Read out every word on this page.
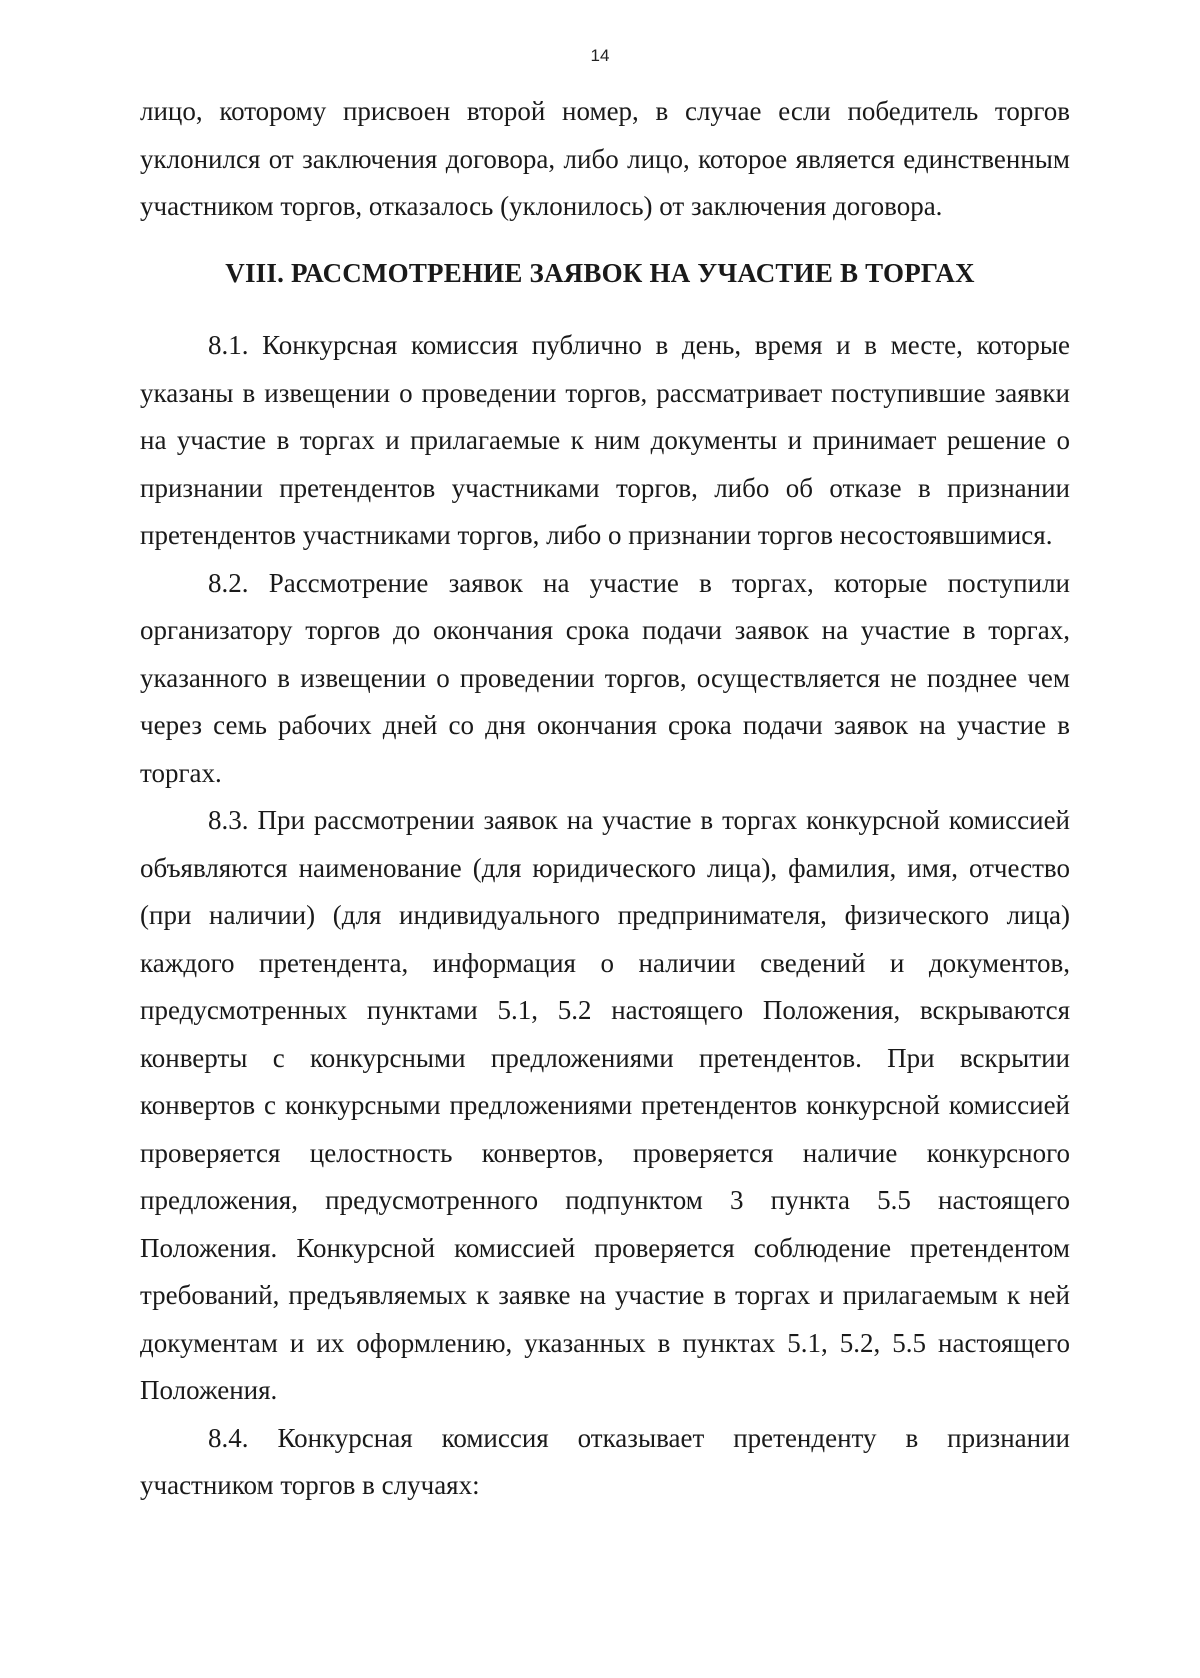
14

лицо, которому присвоен второй номер, в случае если победитель торгов уклонился от заключения договора, либо лицо, которое является единственным участником торгов, отказалось (уклонилось) от заключения договора.

VIII. РАССМОТРЕНИЕ ЗАЯВОК НА УЧАСТИЕ В ТОРГАХ

8.1. Конкурсная комиссия публично в день, время и в месте, которые указаны в извещении о проведении торгов, рассматривает поступившие заявки на участие в торгах и прилагаемые к ним документы и принимает решение о признании претендентов участниками торгов, либо об отказе в признании претендентов участниками торгов, либо о признании торгов несостоявшимися.

8.2. Рассмотрение заявок на участие в торгах, которые поступили организатору торгов до окончания срока подачи заявок на участие в торгах, указанного в извещении о проведении торгов, осуществляется не позднее чем через семь рабочих дней со дня окончания срока подачи заявок на участие в торгах.

8.3. При рассмотрении заявок на участие в торгах конкурсной комиссией объявляются наименование (для юридического лица), фамилия, имя, отчество (при наличии) (для индивидуального предпринимателя, физического лица) каждого претендента, информация о наличии сведений и документов, предусмотренных пунктами 5.1, 5.2 настоящего Положения, вскрываются конверты с конкурсными предложениями претендентов. При вскрытии конвертов с конкурсными предложениями претендентов конкурсной комиссией проверяется целостность конвертов, проверяется наличие конкурсного предложения, предусмотренного подпунктом 3 пункта 5.5 настоящего Положения. Конкурсной комиссией проверяется соблюдение претендентом требований, предъявляемых к заявке на участие в торгах и прилагаемым к ней документам и их оформлению, указанных в пунктах 5.1, 5.2, 5.5 настоящего Положения.

8.4. Конкурсная комиссия отказывает претенденту в признании участником торгов в случаях:
